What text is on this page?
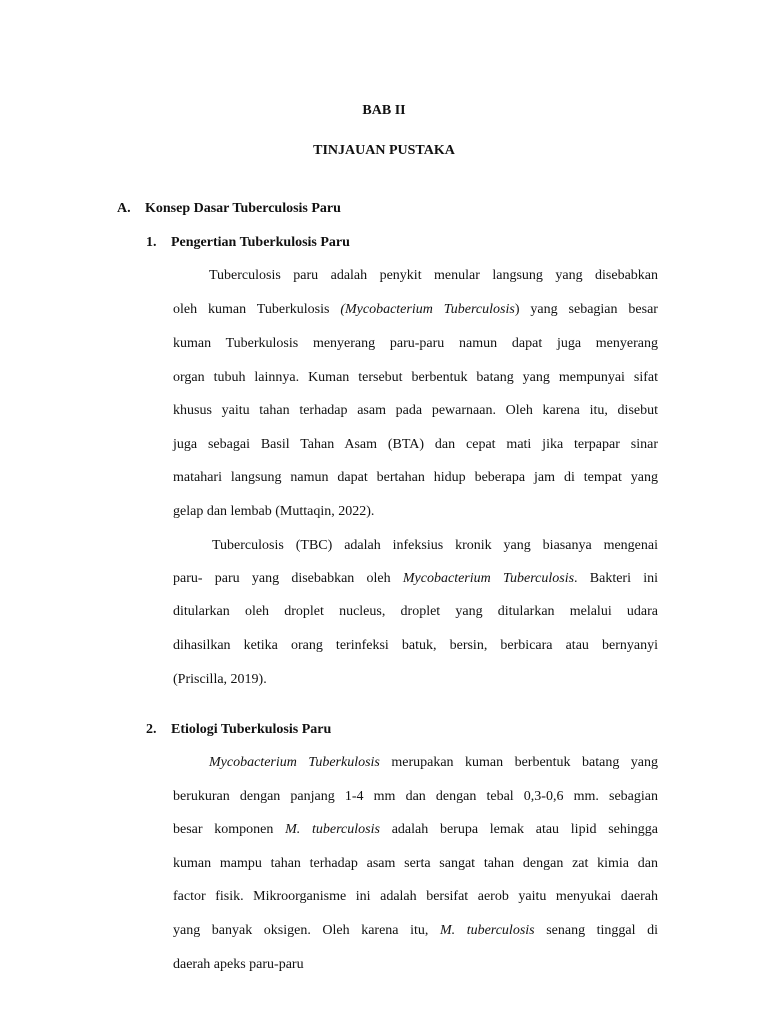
BAB II
TINJAUAN PUSTAKA
A. Konsep Dasar Tuberculosis Paru
1. Pengertian Tuberkulosis Paru
Tuberculosis paru adalah penykit menular langsung yang disebabkan
oleh kuman Tuberkulosis (Mycobacterium Tuberculosis) yang sebagian besar
kuman Tuberkulosis menyerang paru-paru namun dapat juga menyerang
organ tubuh lainnya. Kuman tersebut berbentuk batang yang mempunyai sifat
khusus yaitu tahan terhadap asam pada pewarnaan. Oleh karena itu, disebut
juga sebagai Basil Tahan Asam (BTA) dan cepat mati jika terpapar sinar
matahari langsung namun dapat bertahan hidup beberapa jam di tempat yang
gelap dan lembab (Muttaqin, 2022).
Tuberculosis (TBC) adalah infeksius kronik yang biasanya mengenai
paru- paru yang disebabkan oleh Mycobacterium Tuberculosis. Bakteri ini
ditularkan oleh droplet nucleus, droplet yang ditularkan melalui udara
dihasilkan ketika orang terinfeksi batuk, bersin, berbicara atau bernyanyi
(Priscilla, 2019).
2. Etiologi Tuberkulosis Paru
Mycobacterium Tuberkulosis merupakan kuman berbentuk batang yang
berukuran dengan panjang 1-4 mm dan dengan tebal 0,3-0,6 mm. sebagian
besar komponen M. tuberculosis adalah berupa lemak atau lipid sehingga
kuman mampu tahan terhadap asam serta sangat tahan dengan zat kimia dan
factor fisik. Mikroorganisme ini adalah bersifat aerob yaitu menyukai daerah
yang banyak oksigen. Oleh karena itu, M. tuberculosis senang tinggal di
daerah apeks paru-paru
